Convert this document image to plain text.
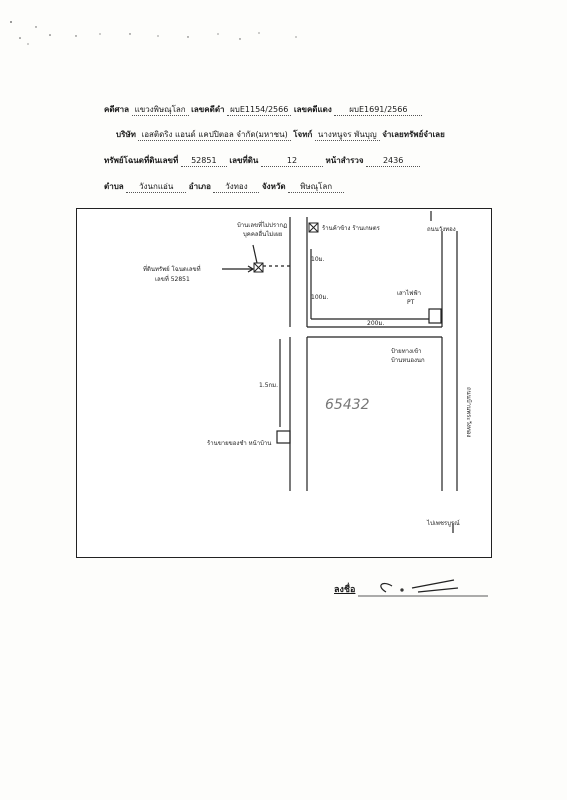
คดีศาล แขวงพิษณุโลก เลขคดีดำ ผบE1154/2566 เลขคดีแดง ผบE1691/2566
บริษัท เอสติดริง แอนด์ แคปปิตอล จำกัด(มหาชน) โจทก์ นางหนูจร พันบุญ จำเลยทรัพย์จำเลย
ทรัพย์โฉนดที่ดินเลขที่ 52851 เลขที่ดิน	12	หน้าสำรวจ 2436
ตำบล วังนกแอ่น อำเภอ วังทอง จังหวัด พิษณุโลก
บ้านเลขที่ไม่ปรากฏ
บุคคลอื่นไม่เผย
ที่ดินทรัพย์ โฉนดเลขที่
เลขที่ 52851
ร้านค้าข้าง ร้านเกษตร
10ม.
100ม.
200ม.
เสาไฟฟ้า
PT
ถนนวังทอง
ป้ายทางเข้า
บ้านหนองนก
1.5กม.
ร้านขายของชำ หน้าบ้าน
ไปเพชรบูรณ์
ถนนบ้านพระวังทอง
65432
ลงชื่อ
